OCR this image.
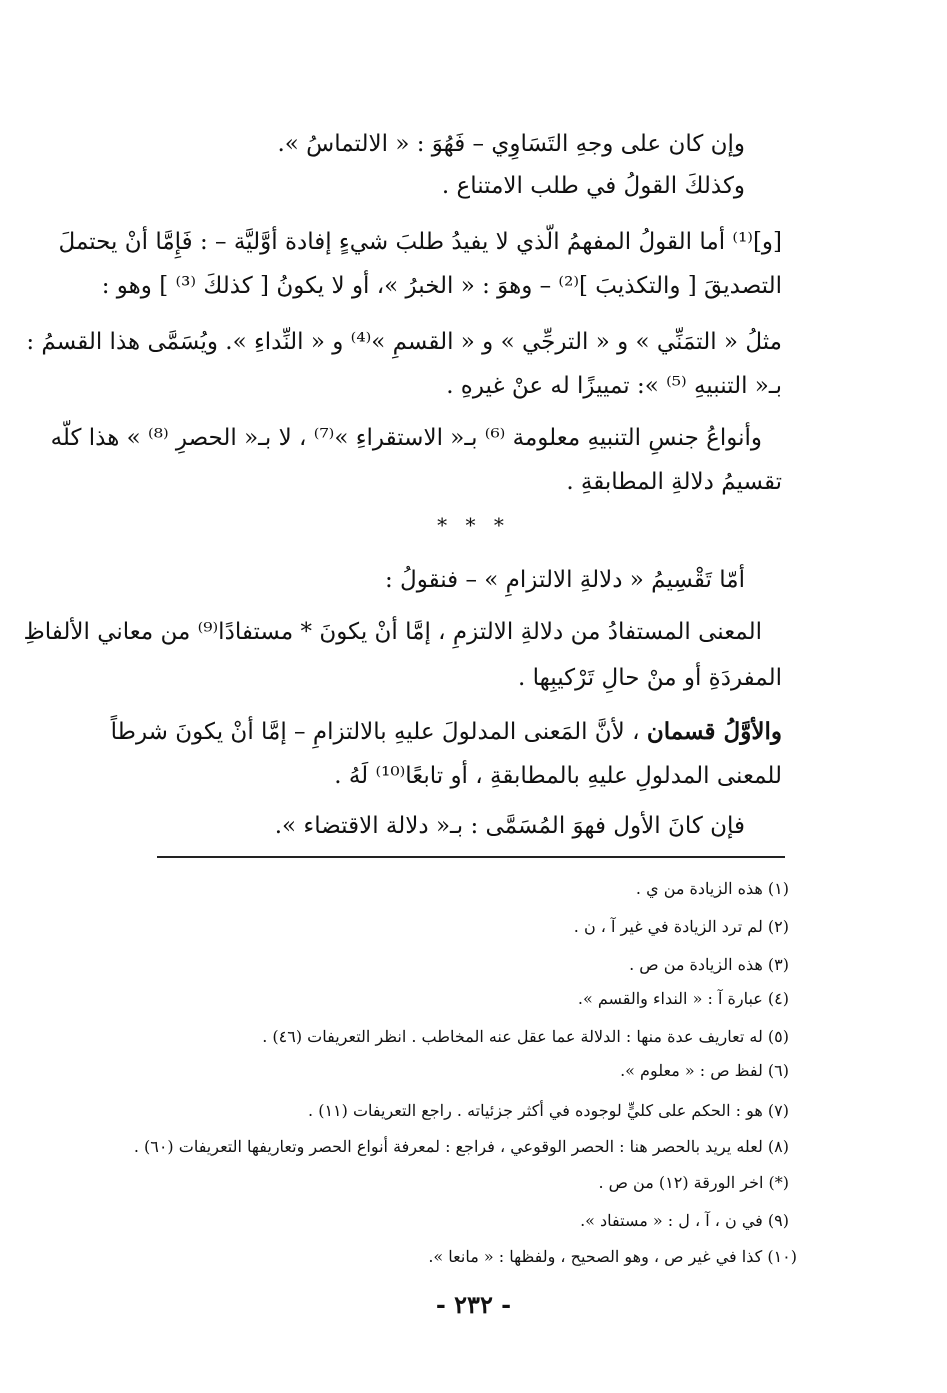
وإن كان على وجهِ التَسَاوِي – فَهُوَ : « الالتماسُ ».
وكذلكَ القولُ في طلب الامتناع .
[و]⁽¹⁾ أما القولُ المفهمُ الّذي لا يفيدُ طلبَ شيءٍ إفادة أوَّليَّة – : فَإِمَّا أنْ يحتملَ
التصديقَ [ والتكذيبَ ]⁽²⁾ – وهوَ : « الخبرُ »، أو لا يكونُ [ كذلكَ ⁽³⁾ ] وهو :
مثلُ « التمَنِّي » و « الترجِّي » و « القسمِ »⁽⁴⁾ و « النِّداءِ ». ويُسَمَّى هذا القسمُ :
بـ« التنبيهِ ⁽⁵⁾ »: تمييزًا له عنْ غيرهِ .
وأنواعُ جنسِ التنبيهِ معلومة ⁽⁶⁾ بـ« الاستقراءِ »⁽⁷⁾ ، لا بـ« الحصرِ ⁽⁸⁾ » هذا كلّه
تقسيمُ دلالةِ المطابقةِ .
* * *
أمّا تَقْسِيمُ « دلالةِ الالتزامِ » – فنقولُ :
المعنى المستفادُ من دلالةِ الالتزمِ ، إمَّا أنْ يكونَ * مستفادًا⁽⁹⁾ من معاني الألفاظِ
المفردَةِ أو منْ حالِ تَرْكيبِها .
والأوَّلُ قسمان ، لأنَّ المَعنى المدلولَ عليهِ بالالتزامِ – إمَّا أنْ يكونَ شرطاً
للمعنى المدلولِ عليهِ بالمطابقةِ ، أو تابعًا⁽¹⁰⁾ لَهُ .
فإن كانَ الأول فهوَ المُسَمَّى : بـ« دلالة الاقتضاء ».
(١) هذه الزيادة من ي .
(٢) لم ترد الزيادة في غير آ ، ن .
(٣) هذه الزيادة من ص .
(٤) عبارة آ : « النداء والقسم ».
(٥) له تعاريف عدة منها : الدلالة عما عقل عنه المخاطب . انظر التعريفات (٤٦) .
(٦) لفظ ص : « معلوم ».
(٧) هو : الحكم على كليٍّ لوجوده في أكثر جزئياته . راجع التعريفات (١١) .
(٨) لعله يريد بالحصر هنا : الحصر الوقوعي ، فراجع : لمعرفة أنواع الحصر وتعاريفها التعريفات (٦٠) .
(*) اخر الورقة (١٢) من ص .
(٩) في ن ، آ ، ل : « مستفاد ».
(١٠) كذا في غير ص ، وهو الصحيح ، ولفظها : « مانعا ».
- ٢٣٢ -
